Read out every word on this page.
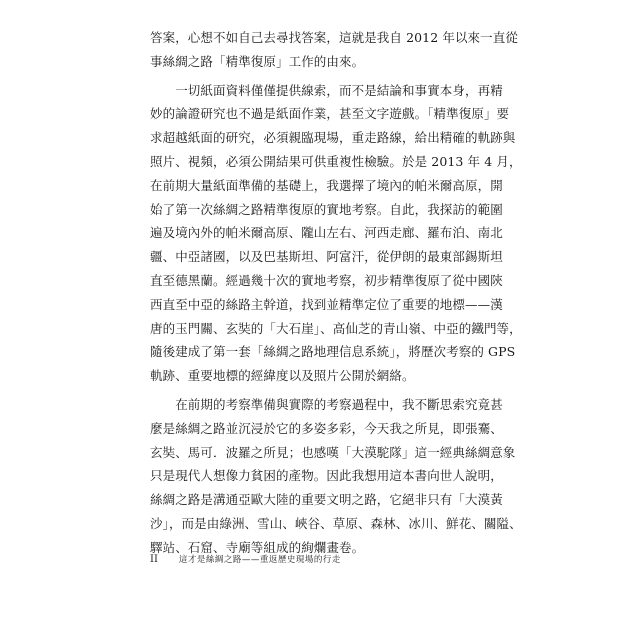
答案，心想不如自己去尋找答案，這就是我自 2012 年以來一直從
事絲綢之路「精準復原」工作的由來。
　　一切紙面資料僅僅提供線索，而不是結論和事實本身，再精
妙的論證研究也不過是紙面作業，甚至文字遊戲。「精準復原」要
求超越紙面的研究，必須親臨現場，重走路線，給出精確的軌跡與
照片、視頻，必須公開結果可供重複性檢驗。於是 2013 年 4 月，
在前期大量紙面準備的基礎上，我選擇了境內的帕米爾高原，開
始了第一次絲綢之路精準復原的實地考察。自此，我探訪的範圍
遍及境內外的帕米爾高原、隴山左右、河西走廊、羅布泊、南北
疆、中亞諸國，以及巴基斯坦、阿富汗，從伊朗的最東部錫斯坦
直至德黑蘭。經過幾十次的實地考察，初步精準復原了從中國陝
西直至中亞的絲路主幹道，找到並精準定位了重要的地標——漢
唐的玉門關、玄奘的「大石崖」、高仙芝的青山嶺、中亞的鐵門等，
隨後建成了第一套「絲綢之路地理信息系統」，將歷次考察的 GPS
軌跡、重要地標的經緯度以及照片公開於網絡。
　　在前期的考察準備與實際的考察過程中，我不斷思索究竟甚
麼是絲綢之路並沉浸於它的多姿多彩，今天我之所見，即張騫、
玄奘、馬可．波羅之所見；也感嘆「大漠駝隊」這一經典絲綢意象
只是現代人想像力貧困的產物。因此我想用這本書向世人說明，
絲綢之路是溝通亞歐大陸的重要文明之路，它絕非只有「大漠黃
沙」，而是由綠洲、雪山、峽谷、草原、森林、冰川、鮮花、關隘、
驛站、石窟、寺廟等組成的絢爛畫卷。
II 這才是絲綢之路——重返歷史現場的行走
